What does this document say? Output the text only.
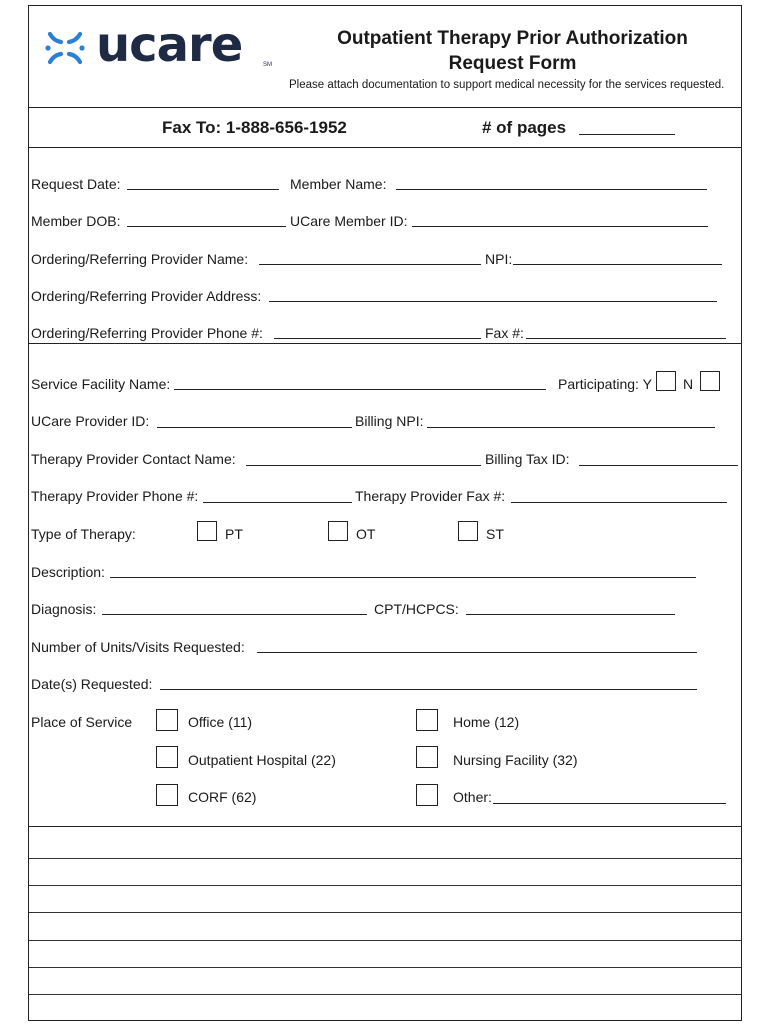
ucare	SM
Outpatient Therapy Prior Authorization
Request Form
Please attach documentation to support medical necessity for the services requested.
Fax To: 1-888-656-1952	# of pages
Request Date:	Member Name:
Member DOB:	UCare Member ID:
Ordering/Referring Provider Name:	NPI:
Ordering/Referring Provider Address:
Ordering/Referring Provider Phone #:	Fax #:
Service Facility Name:	Participating: Y N
UCare Provider ID:	Billing NPI:
Therapy Provider Contact Name:	Billing Tax ID:
Therapy Provider Phone #:	Therapy Provider Fax #:
Type of Therapy:	PT	OT	ST
Description:
Diagnosis:	CPT/HCPCS:
Number of Units/Visits Requested:
Date(s) Requested:
Place of Service	Office (11)	Home (12)
Outpatient Hospital (22)	Nursing Facility (32)
CORF (62)	Other:
